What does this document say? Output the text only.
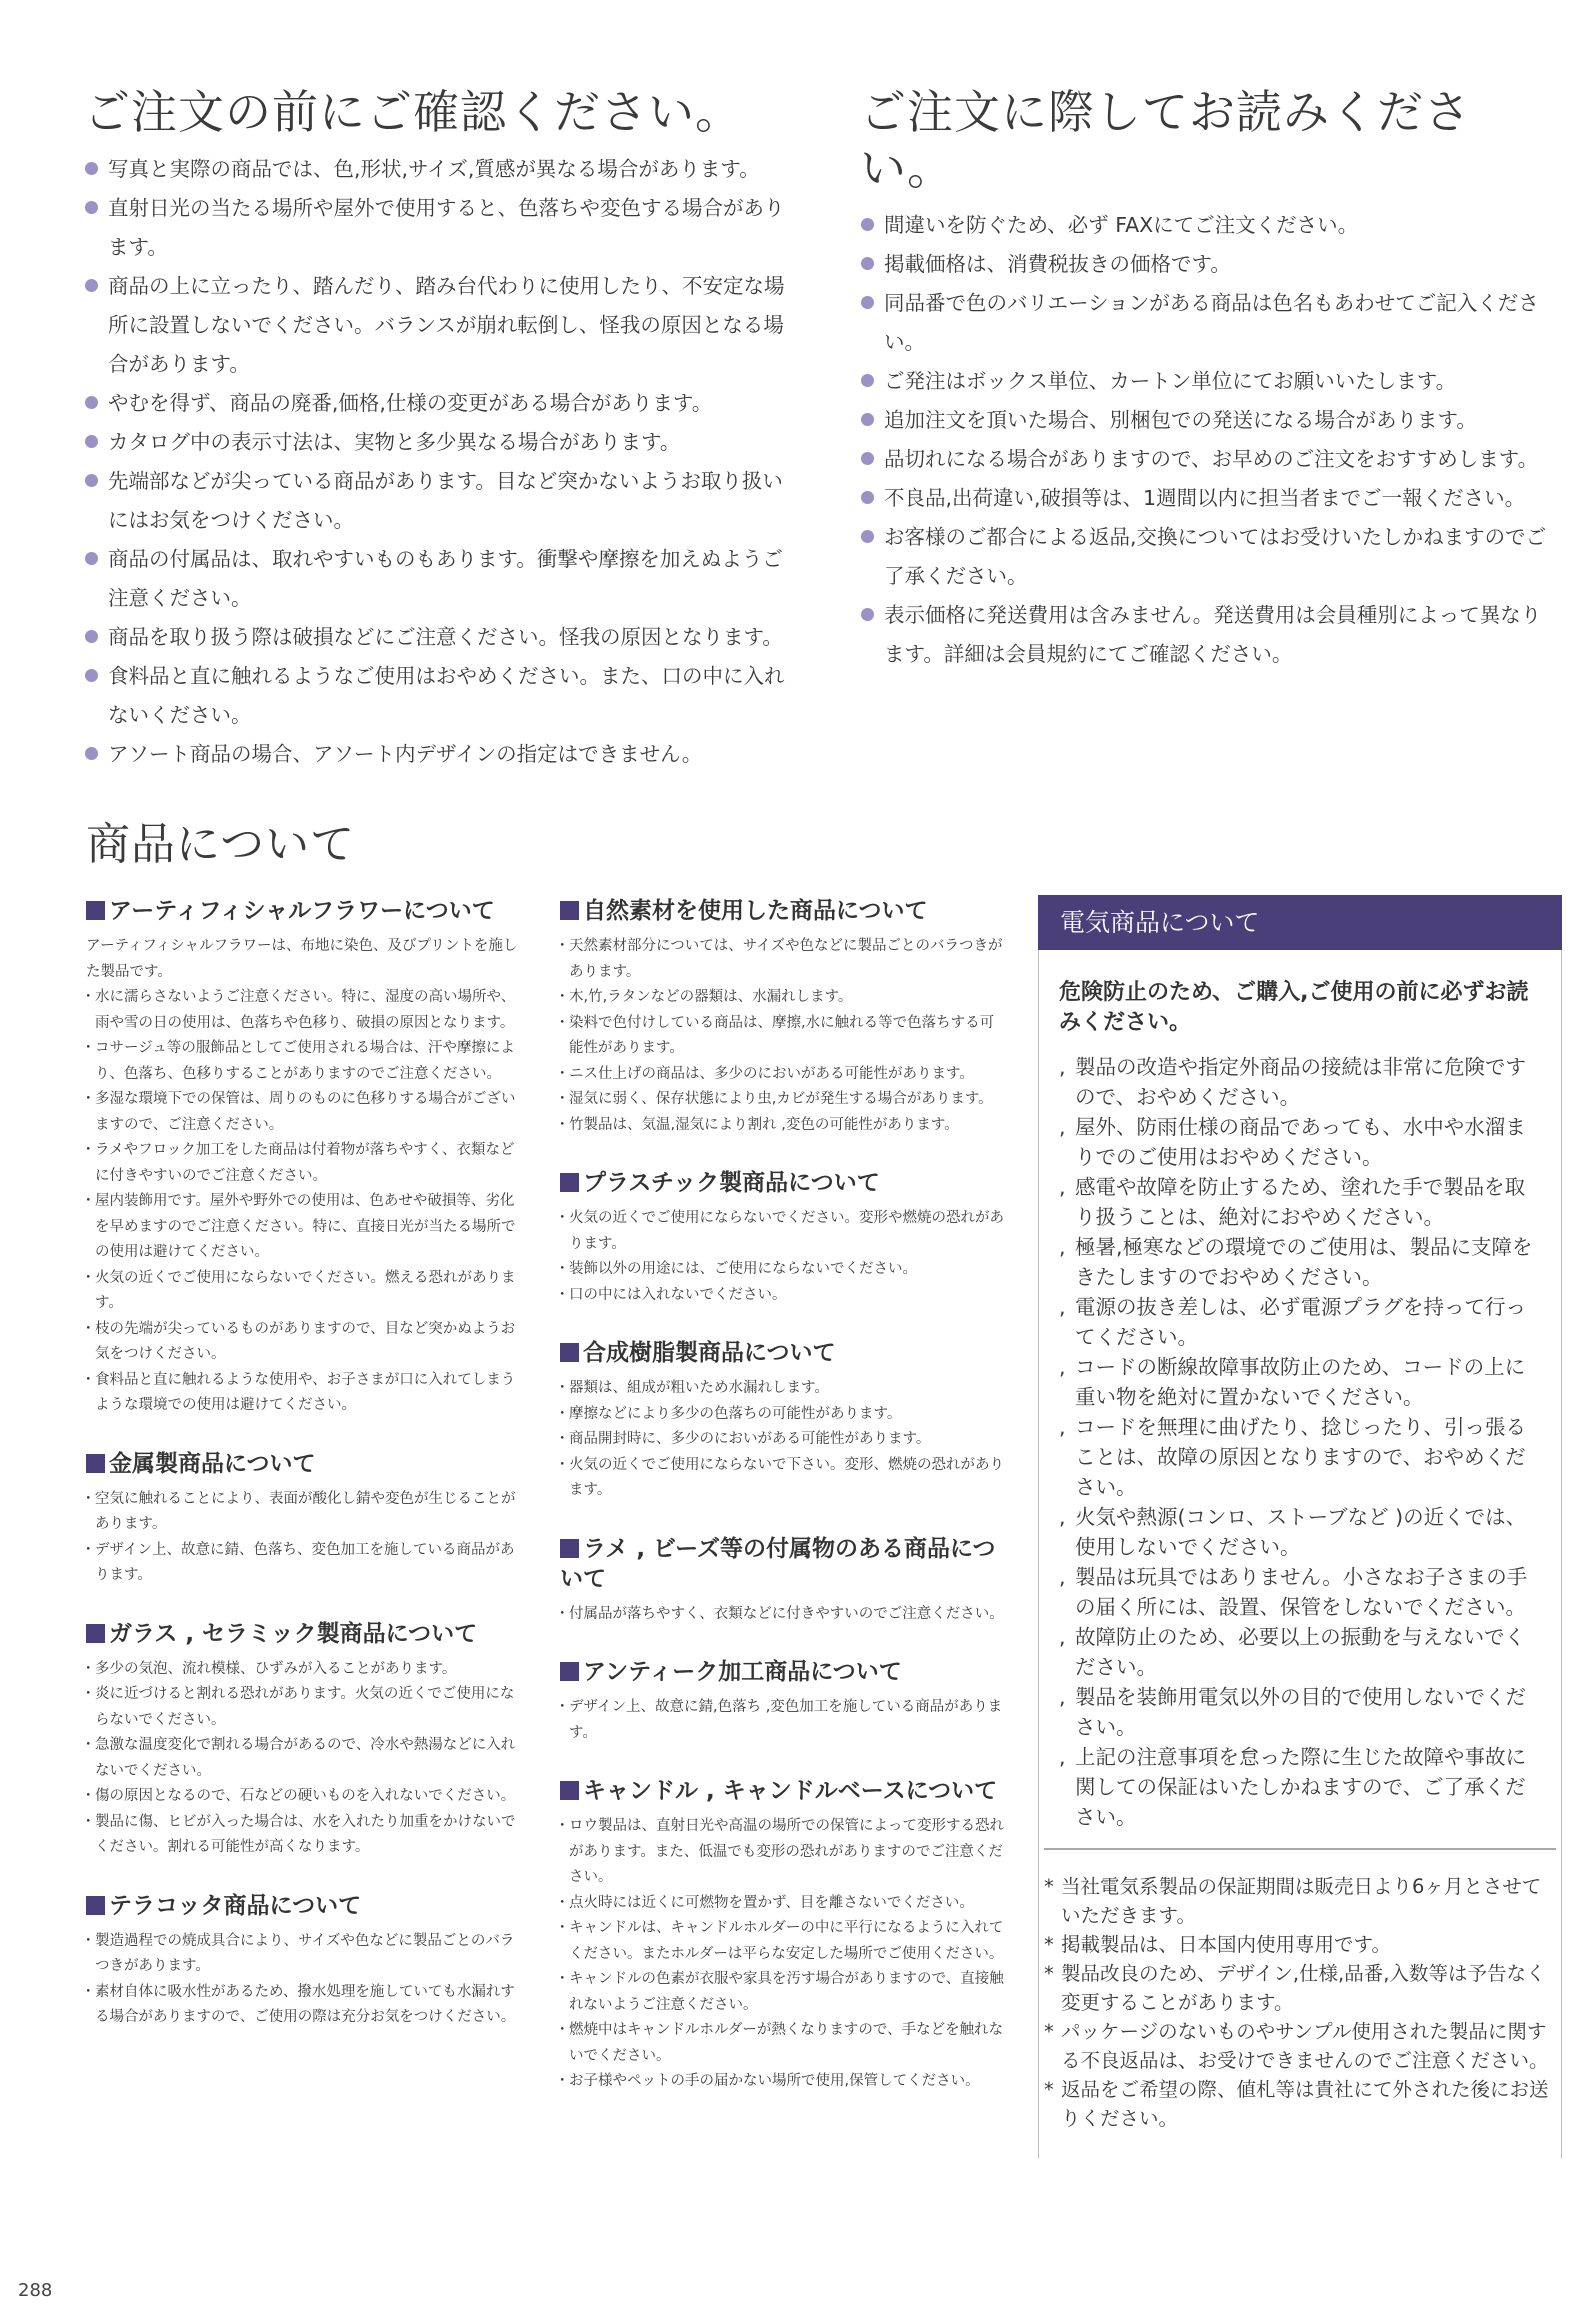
ご注文の前にご確認ください。
写真と実際の商品では、色,形状,サイズ,質感が異なる場合があります。
直射日光の当たる場所や屋外で使用すると、色落ちや変色する場合があります。
商品の上に立ったり、踏んだり、踏み台代わりに使用したり、不安定な場所に設置しないでください。バランスが崩れ転倒し、怪我の原因となる場合があります。
やむを得ず、商品の廃番,価格,仕様の変更がある場合があります。
カタログ中の表示寸法は、実物と多少異なる場合があります。
先端部などが尖っている商品があります。目など突かないようお取り扱いにはお気をつけください。
商品の付属品は、取れやすいものもあります。衝撃や摩擦を加えぬようご注意ください。
商品を取り扱う際は破損などにご注意ください。怪我の原因となります。
食料品と直に触れるようなご使用はおやめください。また、口の中に入れないください。
アソート商品の場合、アソート内デザインの指定はできません。
ご注文に際してお読みください。
間違いを防ぐため、必ず FAXにてご注文ください。
掲載価格は、消費税抜きの価格です。
同品番で色のバリエーションがある商品は色名もあわせてご記入ください。
ご発注はボックス単位、カートン単位にてお願いいたします。
追加注文を頂いた場合、別梱包での発送になる場合があります。
品切れになる場合がありますので、お早めのご注文をおすすめします。
不良品,出荷違い,破損等は、1週間以内に担当者までご一報ください。
お客様のご都合による返品,交換についてはお受けいたしかねますのでご了承ください。
表示価格に発送費用は含みません。発送費用は会員種別によって異なります。詳細は会員規約にてご確認ください。
商品について
アーティフィシャルフラワーについて

アーティフィシャルフラワーは、布地に染色、及びプリントを施した製品です。

・ 水に濡らさないようご注意ください。特に、湿度の高い場所や、雨や雪の日の使用は、色落ちや色移り、破損の原因となります。
・ コサージュ等の服飾品としてご使用される場合は、汗や摩擦により、色落ち、色移りすることがありますのでご注意ください。
・ 多湿な環境下での保管は、周りのものに色移りする場合がございますので、ご注意ください。
・ ラメやフロック加工をした商品は付着物が落ちやすく、衣類などに付きやすいのでご注意ください。
・ 屋内装飾用です。屋外や野外での使用は、色あせや破損等、劣化を早めますのでご注意ください。特に、直接日光が当たる場所での使用は避けてください。
・ 火気の近くでご使用にならないでください。燃える恐れがあります。
・ 枝の先端が尖っているものがありますので、目など突かぬようお気をつけください。
・ 食料品と直に触れるような使用や、お子さまが口に入れてしまうような環境での使用は避けてください。
金属製商品について
・ 空気に触れることにより、表面が酸化し錆や変色が生じることがあります。
・ デザイン上、故意に錆、色落ち、変色加工を施している商品があります。
ガラス , セラミック製商品について
・ 多少の気泡、流れ模様、ひずみが入ることがあります。
・ 炎に近づけると割れる恐れがあります。火気の近くでご使用にならないでください。
・ 急激な温度変化で割れる場合があるので、冷水や熱湯などに入れないでください。
・ 傷の原因となるので、石などの硬いものを入れないでください。
・ 製品に傷、ヒビが入った場合は、水を入れたり加重をかけないでください。割れる可能性が高くなります。
テラコッタ商品について
・ 製造過程での焼成具合により、サイズや色などに製品ごとのバラつきがあります。
・ 素材自体に吸水性があるため、撥水処理を施していても水漏れする場合がありますので、ご使用の際は充分お気をつけください。
自然素材を使用した商品について
・ 天然素材部分については、サイズや色などに製品ごとのバラつきがあります。
・ 木,竹,ラタンなどの器類は、水漏れします。
・ 染料で色付けしている商品は、摩擦,水に触れる等で色落ちする可能性があります。
・ ニス仕上げの商品は、多少のにおいがある可能性があります。
・ 湿気に弱く、保存状態により虫,カビが発生する場合があります。
・ 竹製品は、気温,湿気により割れ ,変色の可能性があります。
プラスチック製商品について
・ 火気の近くでご使用にならないでください。変形や燃焼の恐れがあります。
・ 装飾以外の用途には、ご使用にならないでください。
・ 口の中には入れないでください。
合成樹脂製商品について
・ 器類は、組成が粗いため水漏れします。
・ 摩擦などにより多少の色落ちの可能性があります。
・ 商品開封時に、多少のにおいがある可能性があります。
・ 火気の近くでご使用にならないで下さい。変形、燃焼の恐れがあります。
ラメ , ビーズ等の付属物のある商品について
・ 付属品が落ちやすく、衣類などに付きやすいのでご注意ください。
アンティーク加工商品について
・ デザイン上、故意に錆,色落ち ,変色加工を施している商品があります。
キャンドル , キャンドルベースについて
・ ロウ製品は、直射日光や高温の場所での保管によって変形する恐れがあります。また、低温でも変形の恐れがありますのでご注意ください。
・ 点火時には近くに可燃物を置かず、目を離さないでください。
・ キャンドルは、キャンドルホルダーの中に平行になるように入れてください。またホルダーは平らな安定した場所でご使用ください。
・ キャンドルの色素が衣服や家具を汚す場合がありますので、直接触れないようご注意ください。
・ 燃焼中はキャンドルホルダーが熱くなりますので、手などを触れないでください。
・ お子様やペットの手の届かない場所で使用,保管してください。
電気商品について

危険防止のため、ご購入,ご使用の前に必ずお読みください。

, 製品の改造や指定外商品の接続は非常に危険ですので、おやめください。
, 屋外、防雨仕様の商品であっても、水中や水溜まりでのご使用はおやめください。
, 感電や故障を防止するため、塗れた手で製品を取り扱うことは、絶対におやめください。
, 極暑,極寒などの環境でのご使用は、製品に支障をきたしますのでおやめください。
, 電源の抜き差しは、必ず電源プラグを持って行ってください。
, コードの断線故障事故防止のため、コードの上に重い物を絶対に置かないでください。
, コードを無理に曲げたり、捻じったり、引っ張ることは、故障の原因となりますので、おやめください。
, 火気や熱源(コンロ、ストーブなど )の近くでは、使用しないでください。
, 製品は玩具ではありません。小さなお子さまの手の届く所には、設置、保管をしないでください。
, 故障防止のため、必要以上の振動を与えないでください。
, 製品を装飾用電気以外の目的で使用しないでください。
, 上記の注意事項を怠った際に生じた故障や事故に関しての保証はいたしかねますので、ご了承ください。
* 当社電気系製品の保証期間は販売日より6ヶ月とさせていただきます。
* 掲載製品は、日本国内使用専用です。
* 製品改良のため、デザイン,仕様,品番,入数等は予告なく変更することがあります。
* パッケージのないものやサンプル使用された製品に関する不良返品は、お受けできませんのでご注意ください。
* 返品をご希望の際、値札等は貴社にて外された後にお送りください。
288
